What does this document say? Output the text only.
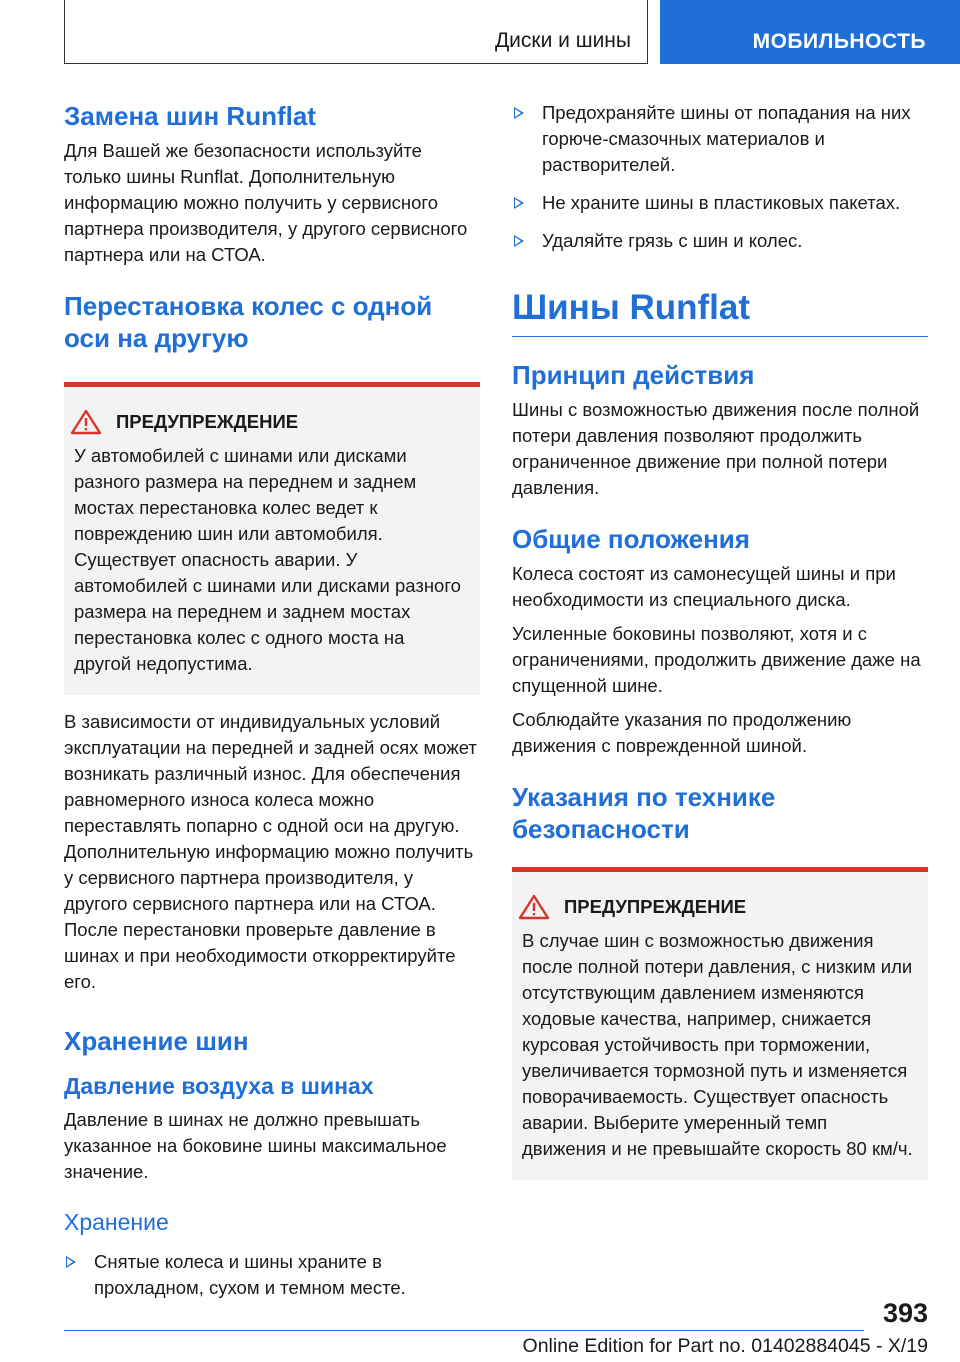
Диски и шины	МОБИЛЬНОСТЬ
Замена шин Runflat

Для Вашей же безопасности используйте только шины Runflat. Дополнительную информацию можно получить у сервисного партнера производителя, у другого сервисного партнера или на СТОА.

Перестановка колес с одной оси на другую
ПРЕДУПРЕЖДЕНИЕ

У автомобилей с шинами или дисками разного размера на переднем и заднем мостах перестановка колес ведет к повреждению шин или автомобиля. Существует опасность аварии. У автомобилей с шинами или дисками разного размера на переднем и заднем мостах перестановка колес с одного моста на другой недопустима.

В зависимости от индивидуальных условий эксплуатации на передней и задней осях может возникать различный износ. Для обеспечения равномерного износа колеса можно переставлять попарно с одной оси на другую. Дополнительную информацию можно получить у сервисного партнера производителя, у другого сервисного партнера или на СТОА. После перестановки проверьте давление в шинах и при необходимости откорректируйте его.

Хранение шин
Давление воздуха в шинах

Давление в шинах не должно превышать указанное на боковине шины максимальное значение.

Хранение
Снятые колеса и шины храните в прохладном, сухом и темном месте.
Предохраняйте шины от попадания на них горюче-смазочных материалов и растворителей.
Не храните шины в пластиковых пакетах.
Удаляйте грязь с шин и колес.
Шины Runflat
Принцип действия

Шины с возможностью движения после полной потери давления позволяют продолжить ограниченное движение при полной потери давления.

Общие положения

Колеса состоят из самонесущей шины и при необходимости из специального диска.

Усиленные боковины позволяют, хотя и с ограничениями, продолжить движение даже на спущенной шине.

Соблюдайте указания по продолжению движения с поврежденной шиной.

Указания по технике безопасности
ПРЕДУПРЕЖДЕНИЕ

В случае шин с возможностью движения после полной потери давления, с низким или отсутствующим давлением изменяются ходовые качества, например, снижается курсовая устойчивость при торможении, увеличивается тормозной путь и изменяется поворачиваемость. Существует опасность аварии. Выберите умеренный темп движения и не превышайте скорость 80 км/ч.

393
Online Edition for Part no. 01402884045 - X/19
